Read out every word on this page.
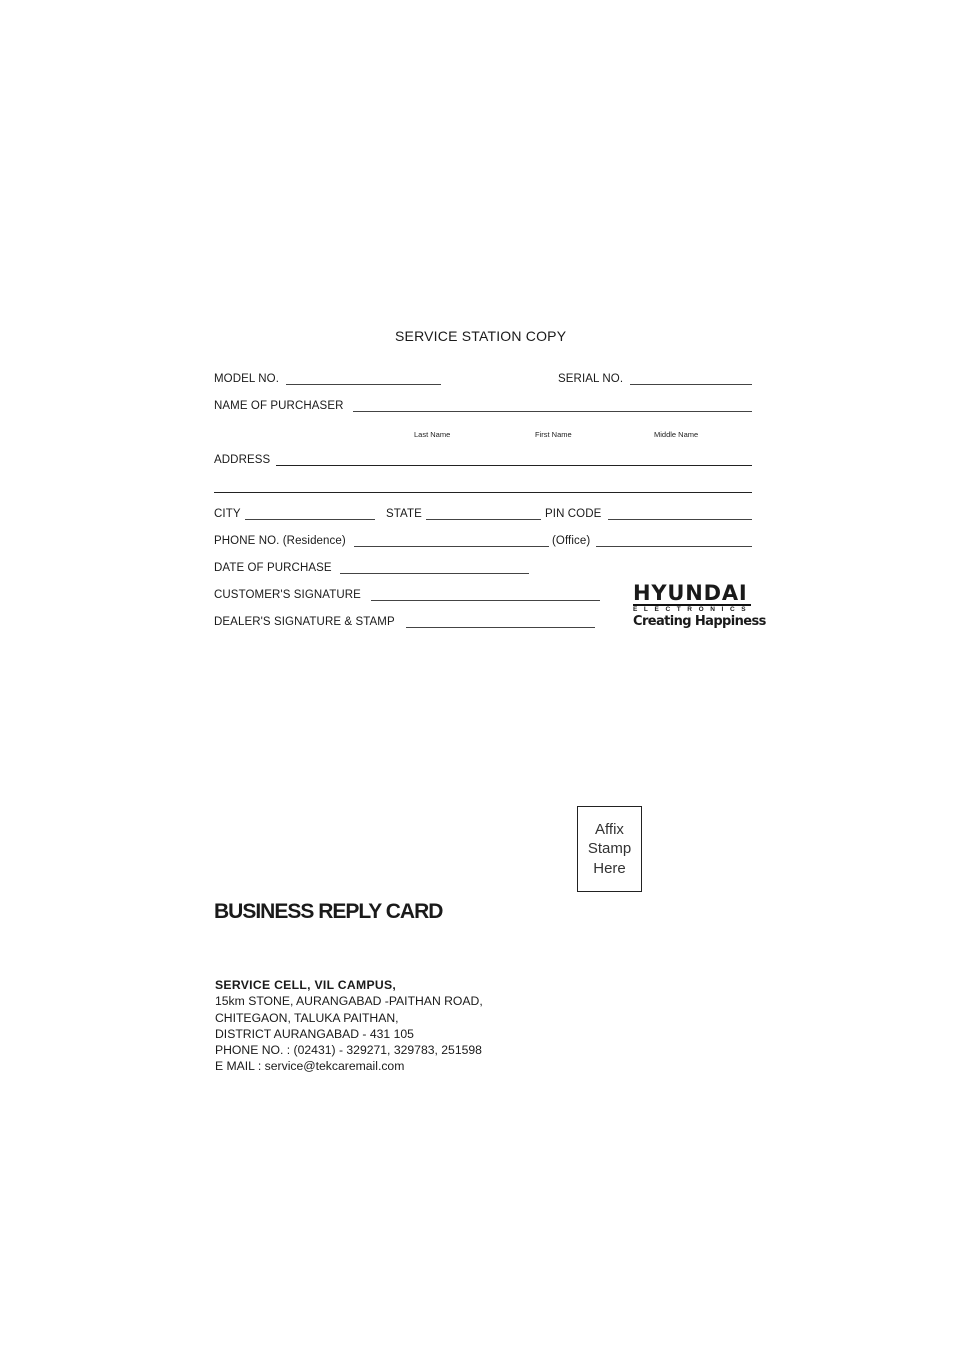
SERVICE STATION COPY
MODEL NO.	SERIAL NO.
NAME OF PURCHASER
Last Name	First Name	Middle Name
ADDRESS
CITY	STATE	PIN CODE
PHONE NO. (Residence)	(Office)
DATE OF PURCHASE
CUSTOMER'S SIGNATURE
DEALER'S SIGNATURE & STAMP
HYUNDAI
ELECTRONICS
Creating Happiness
Affix
Stamp
Here
BUSINESS REPLY CARD
SERVICE CELL, VIL CAMPUS,
15km STONE, AURANGABAD -PAITHAN ROAD,
CHITEGAON, TALUKA PAITHAN,
DISTRICT AURANGABAD - 431 105
PHONE NO. : (02431) - 329271, 329783, 251598
E MAIL : service@tekcaremail.com
